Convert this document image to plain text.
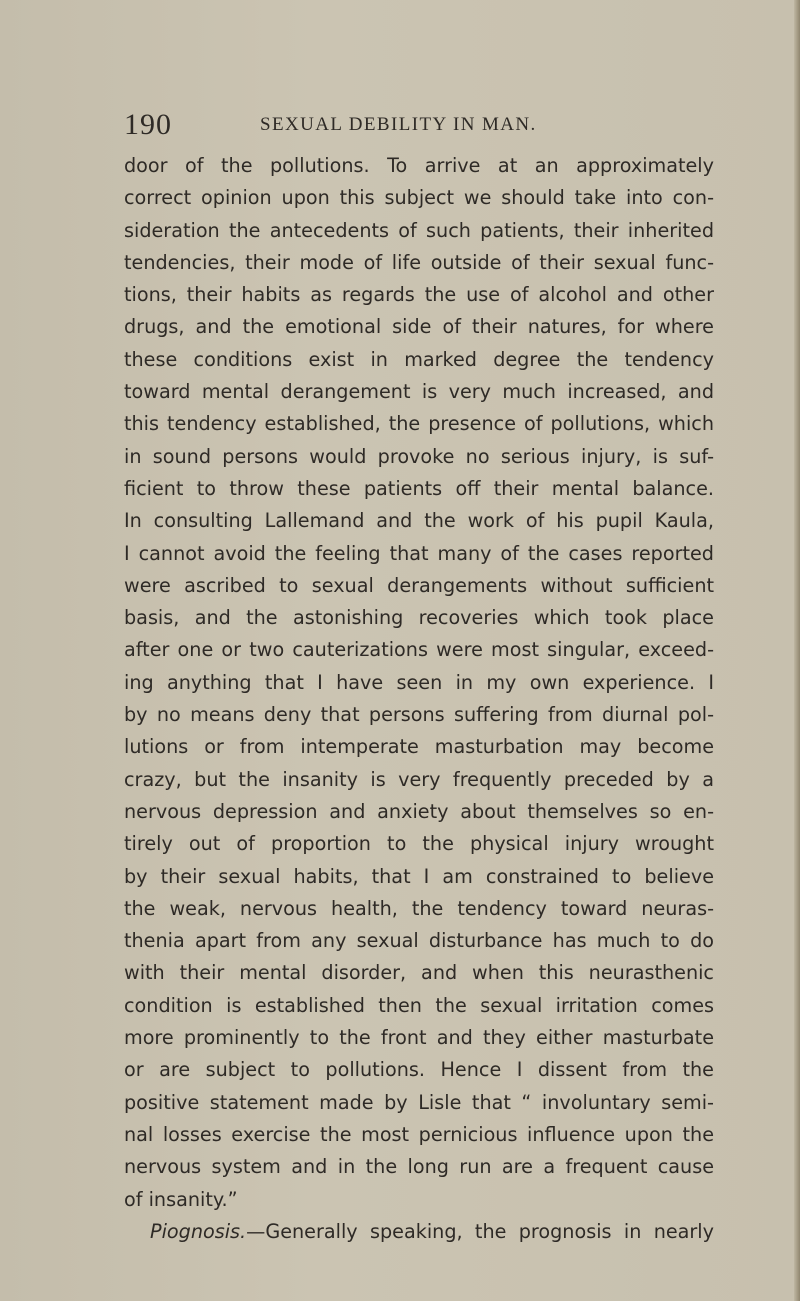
190	SEXUAL DEBILITY IN MAN.
door of the pollutions. To arrive at an approximately
correct opinion upon this subject we should take into con-
sideration the antecedents of such patients, their inherited
tendencies, their mode of life outside of their sexual func-
tions, their habits as regards the use of alcohol and other
drugs, and the emotional side of their natures, for where
these conditions exist in marked degree the tendency
toward mental derangement is very much increased, and
this tendency established, the presence of pollutions, which
in sound persons would provoke no serious injury, is suf-
ficient to throw these patients off their mental balance.
In consulting Lallemand and the work of his pupil Kaula,
I cannot avoid the feeling that many of the cases reported
were ascribed to sexual derangements without sufficient
basis, and the astonishing recoveries which took place
after one or two cauterizations were most singular, exceed-
ing anything that I have seen in my own experience. I
by no means deny that persons suffering from diurnal pol-
lutions or from intemperate masturbation may become
crazy, but the insanity is very frequently preceded by a
nervous depression and anxiety about themselves so en-
tirely out of proportion to the physical injury wrought
by their sexual habits, that I am constrained to believe
the weak, nervous health, the tendency toward neuras-
thenia apart from any sexual disturbance has much to do
with their mental disorder, and when this neurasthenic
condition is established then the sexual irritation comes
more prominently to the front and they either masturbate
or are subject to pollutions. Hence I dissent from the
positive statement made by Lisle that “ involuntary semi-
nal losses exercise the most pernicious influence upon the
nervous system and in the long run are a frequent cause
of insanity.”
Piognosis.—Generally speaking, the prognosis in nearly
